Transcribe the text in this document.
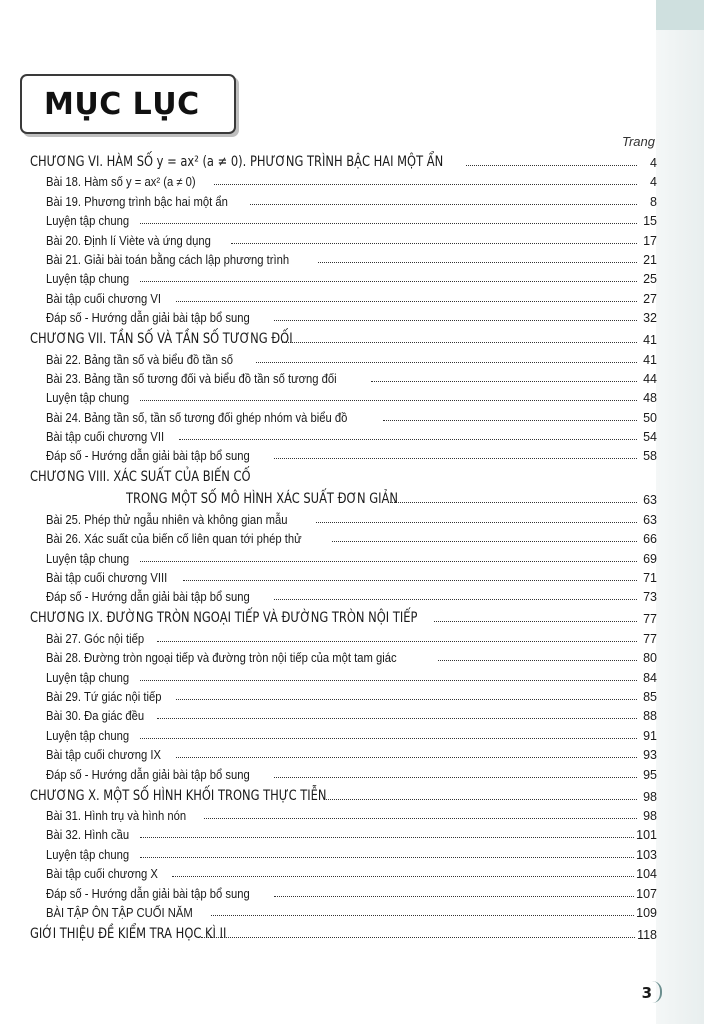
MỤC LỤC
Trang
CHƯƠNG VI. HÀM SỐ y = ax² (a ≠ 0). PHƯƠNG TRÌNH BẬC HAI MỘT ẨN	4
Bài 18. Hàm số y = ax² (a ≠ 0)	4
Bài 19. Phương trình bậc hai một ẩn	8
Luyện tập chung	15
Bài 20. Định lí Viète và ứng dụng	17
Bài 21. Giải bài toán bằng cách lập phương trình	21
Luyện tập chung	25
Bài tập cuối chương VI	27
Đáp số - Hướng dẫn giải bài tập bổ sung	32
CHƯƠNG VII. TẦN SỐ VÀ TẦN SỐ TƯƠNG ĐỐI	41
Bài 22. Bảng tần số và biểu đồ tần số	41
Bài 23. Bảng tần số tương đối và biểu đồ tần số tương đối	44
Luyện tập chung	48
Bài 24. Bảng tần số, tần số tương đối ghép nhóm và biểu đồ	50
Bài tập cuối chương VII	54
Đáp số - Hướng dẫn giải bài tập bổ sung	58
CHƯƠNG VIII. XÁC SUẤT CỦA BIẾN CỐ
TRONG MỘT SỐ MÔ HÌNH XÁC SUẤT ĐƠN GIẢN	63
Bài 25. Phép thử ngẫu nhiên và không gian mẫu	63
Bài 26. Xác suất của biến cố liên quan tới phép thử	66
Luyện tập chung	69
Bài tập cuối chương VIII	71
Đáp số - Hướng dẫn giải bài tập bổ sung	73
CHƯƠNG IX. ĐƯỜNG TRÒN NGOẠI TIẾP VÀ ĐƯỜNG TRÒN NỘI TIẾP	77
Bài 27. Góc nội tiếp	77
Bài 28. Đường tròn ngoại tiếp và đường tròn nội tiếp của một tam giác	80
Luyện tập chung	84
Bài 29. Tứ giác nội tiếp	85
Bài 30. Đa giác đều	88
Luyện tập chung	91
Bài tập cuối chương IX	93
Đáp số - Hướng dẫn giải bài tập bổ sung	95
CHƯƠNG X. MỘT SỐ HÌNH KHỐI TRONG THỰC TIỄN	98
Bài 31. Hình trụ và hình nón	98
Bài 32. Hình cầu	101
Luyện tập chung	103
Bài tập cuối chương X	104
Đáp số - Hướng dẫn giải bài tập bổ sung	107
BÀI TẬP ÔN TẬP CUỐI NĂM	109
GIỚI THIỆU ĐỀ KIỂM TRA HỌC KÌ II	118
3
